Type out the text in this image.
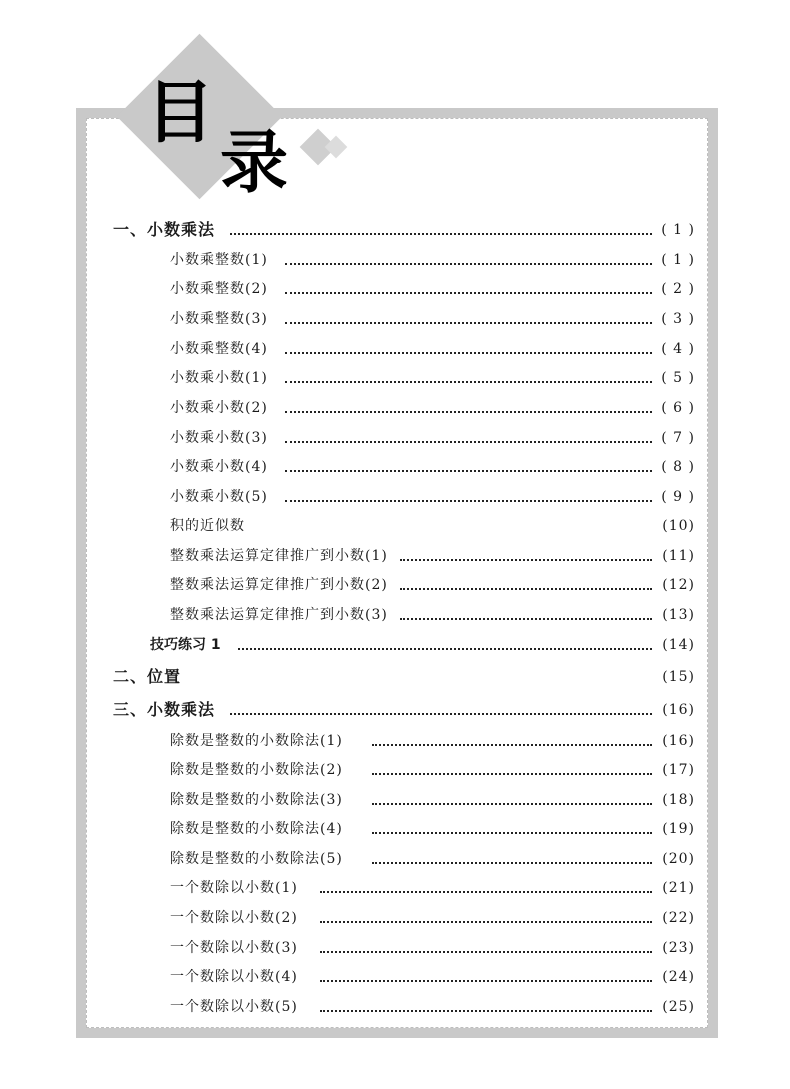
目
录
一、小数乘法	( 1 )
小数乘整数(1)	( 1 )
小数乘整数(2)	( 2 )
小数乘整数(3)	( 3 )
小数乘整数(4)	( 4 )
小数乘小数(1)	( 5 )
小数乘小数(2)	( 6 )
小数乘小数(3)	( 7 )
小数乘小数(4)	( 8 )
小数乘小数(5)	( 9 )
积的近似数	(10)
整数乘法运算定律推广到小数(1)	(11)
整数乘法运算定律推广到小数(2)	(12)
整数乘法运算定律推广到小数(3)	(13)
技巧练习 1	(14)
二、位置	(15)
三、小数乘法	(16)
除数是整数的小数除法(1)	(16)
除数是整数的小数除法(2)	(17)
除数是整数的小数除法(3)	(18)
除数是整数的小数除法(4)	(19)
除数是整数的小数除法(5)	(20)
一个数除以小数(1)	(21)
一个数除以小数(2)	(22)
一个数除以小数(3)	(23)
一个数除以小数(4)	(24)
一个数除以小数(5)	(25)
